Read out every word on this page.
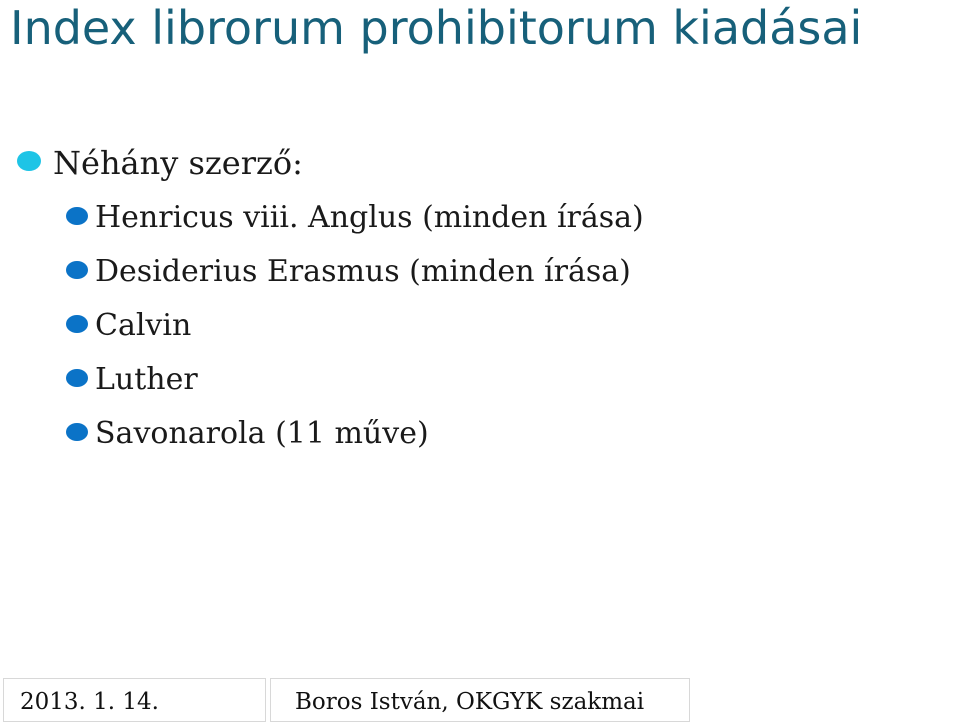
Index librorum prohibitorum kiadásai
Néhány szerző:
Henricus viii. Anglus (minden írása)
Desiderius Erasmus (minden írása)
Calvin
Luther
Savonarola (11 műve)
2013. 1. 14.	Boros István, OKGYK szakmai
